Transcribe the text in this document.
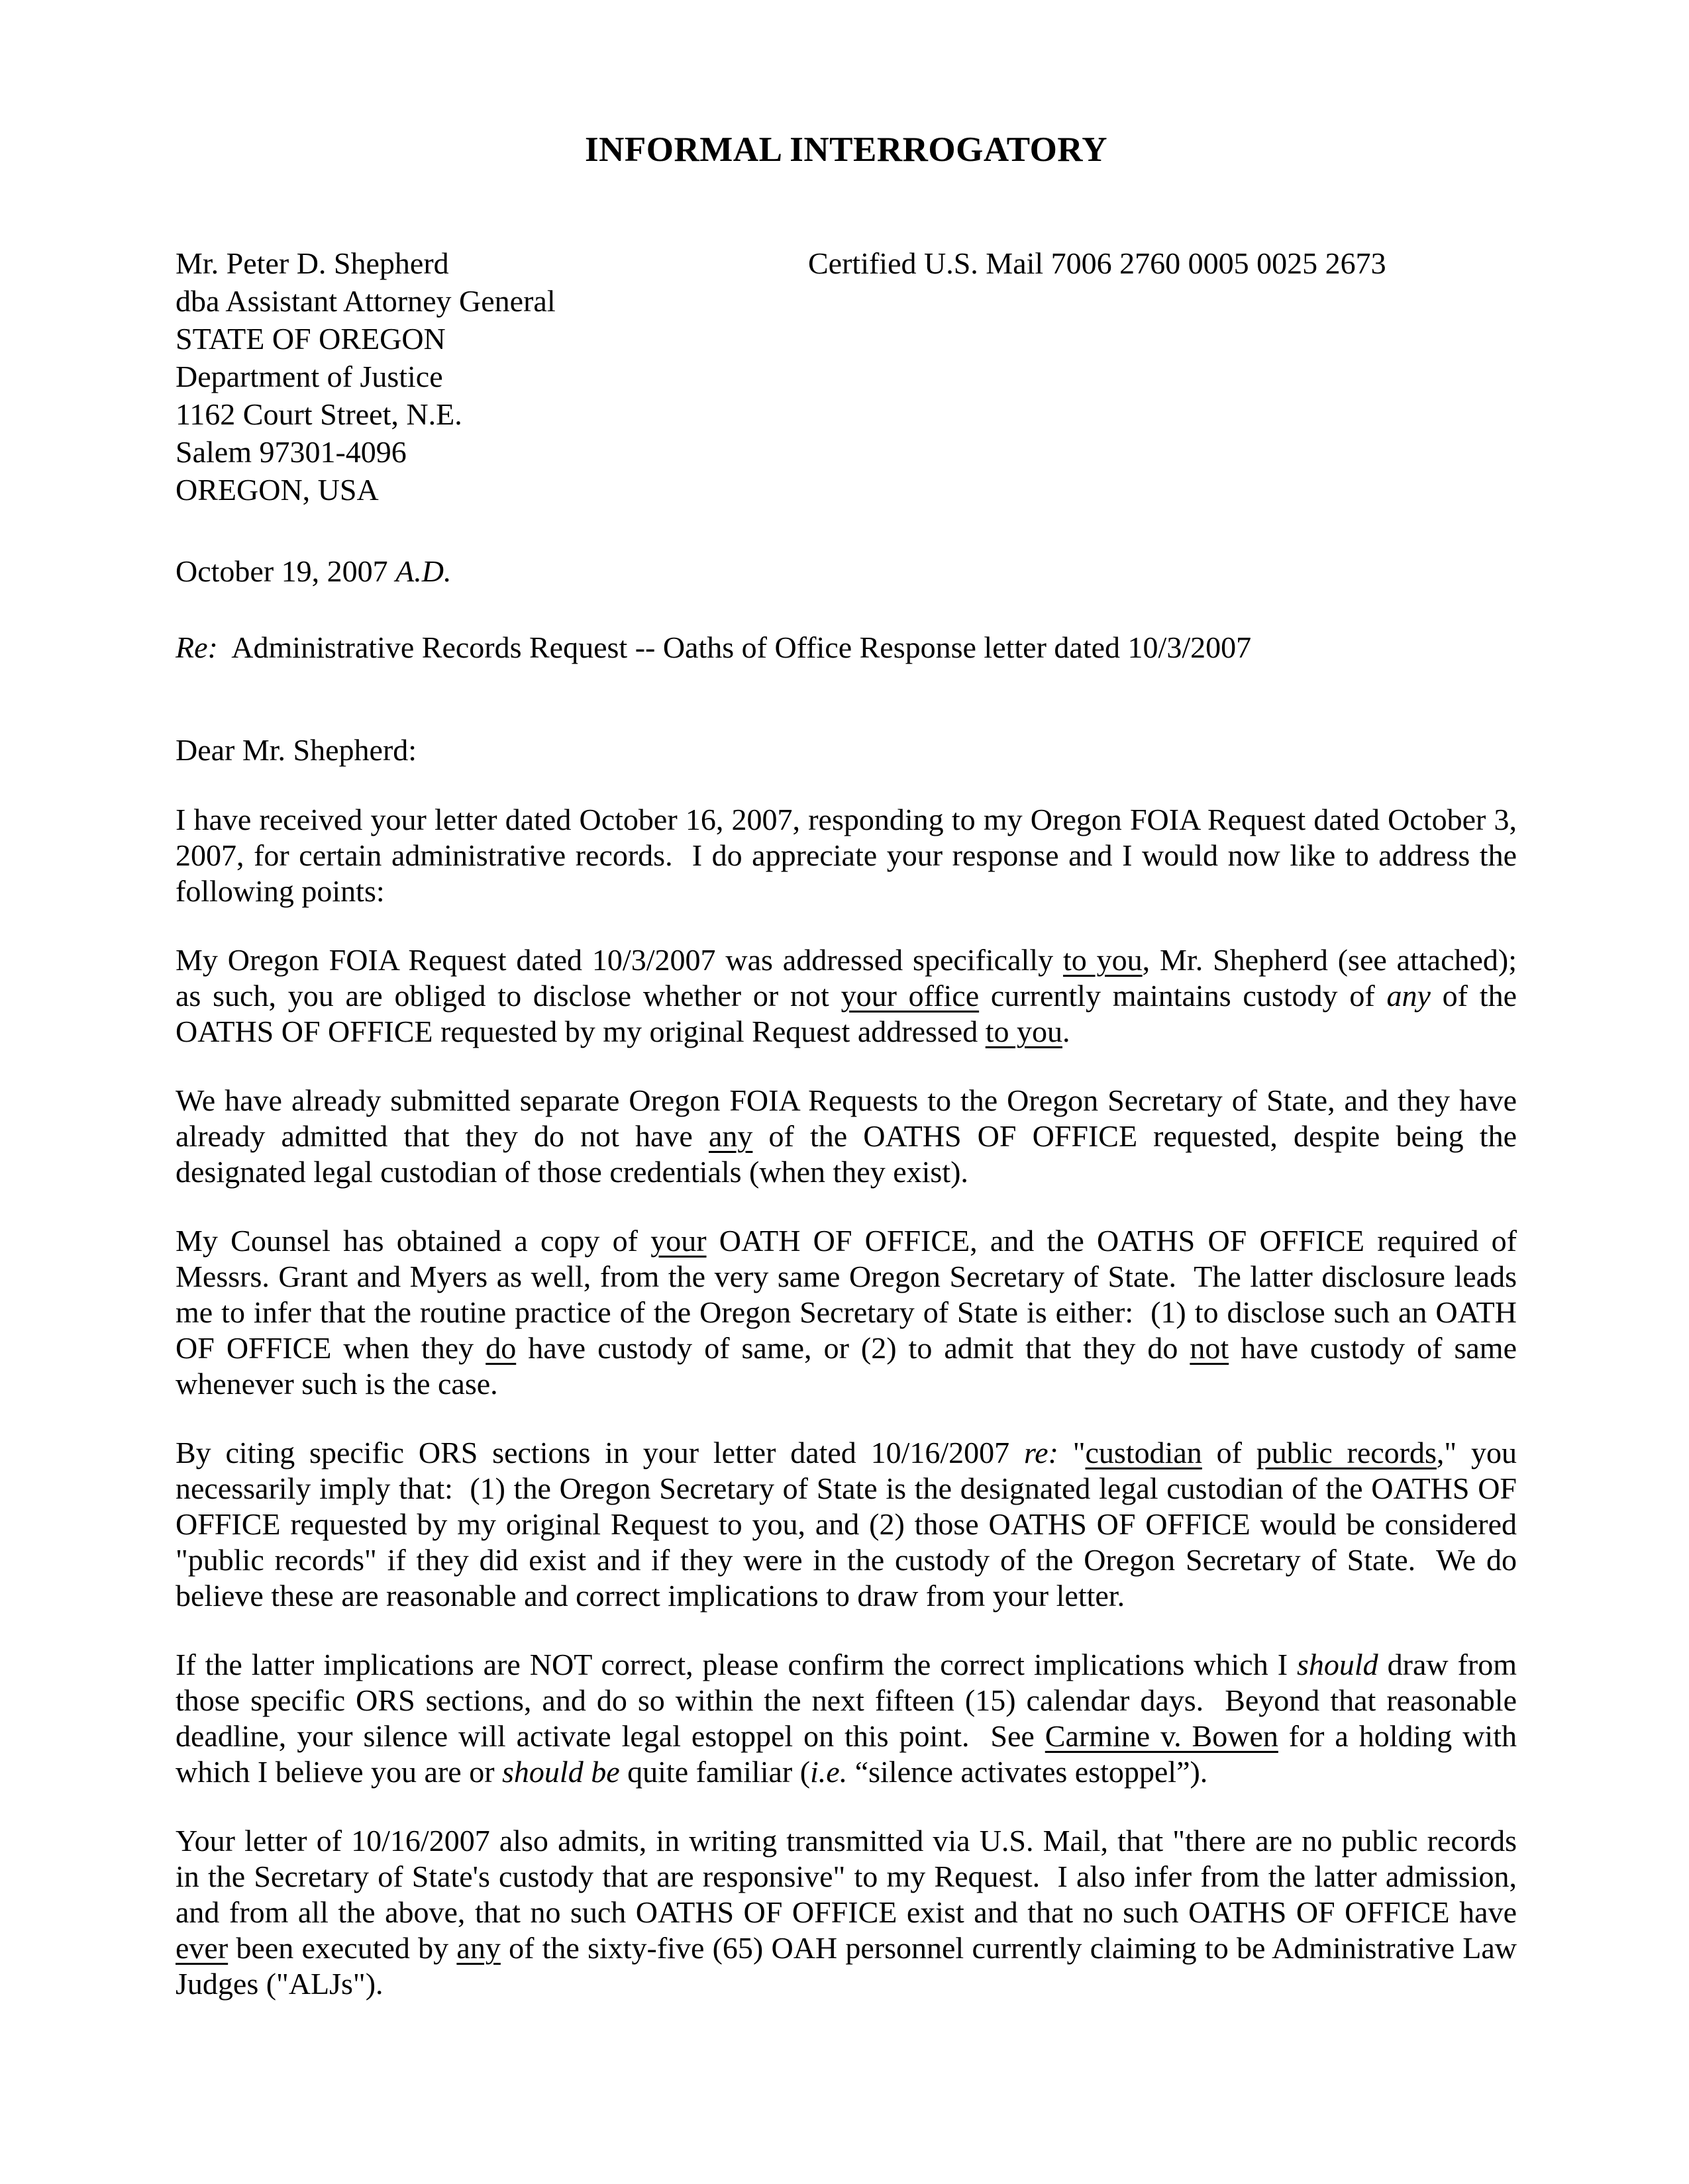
INFORMAL INTERROGATORY
Mr. Peter D. Shepherd
dba Assistant Attorney General
STATE OF OREGON
Department of Justice
1162 Court Street, N.E.
Salem 97301-4096
OREGON, USA
Certified U.S. Mail 7006 2760 0005 0025 2673
October 19, 2007 A.D.
Re:  Administrative Records Request -- Oaths of Office Response letter dated 10/3/2007
Dear Mr. Shepherd:

I have received your letter dated October 16, 2007, responding to my Oregon FOIA Request dated October 3, 2007, for certain administrative records.  I do appreciate your response and I would now like to address the following points:

My Oregon FOIA Request dated 10/3/2007 was addressed specifically to you, Mr. Shepherd (see attached);  as such, you are obliged to disclose whether or not your office currently maintains custody of any of the OATHS OF OFFICE requested by my original Request addressed to you.

We have already submitted separate Oregon FOIA Requests to the Oregon Secretary of State, and they have already admitted that they do not have any of the OATHS OF OFFICE requested, despite being the designated legal custodian of those credentials (when they exist).

My Counsel has obtained a copy of your OATH OF OFFICE, and the OATHS OF OFFICE required of Messrs. Grant and Myers as well, from the very same Oregon Secretary of State.  The latter disclosure leads me to infer that the routine practice of the Oregon Secretary of State is either:  (1) to disclose such an OATH OF OFFICE when they do have custody of same, or (2) to admit that they do not have custody of same whenever such is the case.

By citing specific ORS sections in your letter dated 10/16/2007 re: "custodian of public records," you necessarily imply that:  (1) the Oregon Secretary of State is the designated legal custodian of the OATHS OF OFFICE requested by my original Request to you, and (2) those OATHS OF OFFICE would be considered "public records" if they did exist and if they were in the custody of the Oregon Secretary of State.  We do believe these are reasonable and correct implications to draw from your letter.

If the latter implications are NOT correct, please confirm the correct implications which I should draw from those specific ORS sections, and do so within the next fifteen (15) calendar days.  Beyond that reasonable deadline, your silence will activate legal estoppel on this point.  See Carmine v. Bowen for a holding with which I believe you are or should be quite familiar (i.e. “silence activates estoppel”).

Your letter of 10/16/2007 also admits, in writing transmitted via U.S. Mail, that "there are no public records in the Secretary of State's custody that are responsive" to my Request.  I also infer from the latter admission, and from all the above, that no such OATHS OF OFFICE exist and that no such OATHS OF OFFICE have ever been executed by any of the sixty-five (65) OAH personnel currently claiming to be Administrative Law Judges ("ALJs").
